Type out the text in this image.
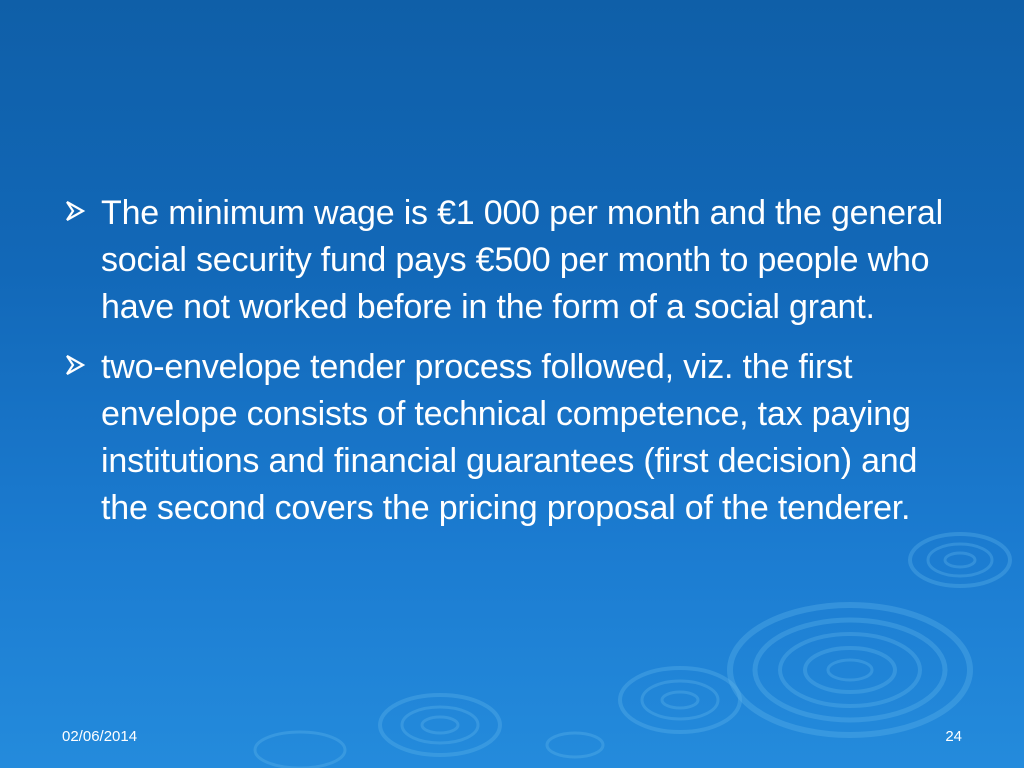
The minimum wage is €1 000 per month and the general social security fund pays €500 per month to people who have not worked before in the form of a social grant.
two-envelope tender process followed, viz. the first envelope consists of technical competence, tax paying institutions and financial guarantees (first decision) and the second covers the pricing proposal of the tenderer.
02/06/2014	24
